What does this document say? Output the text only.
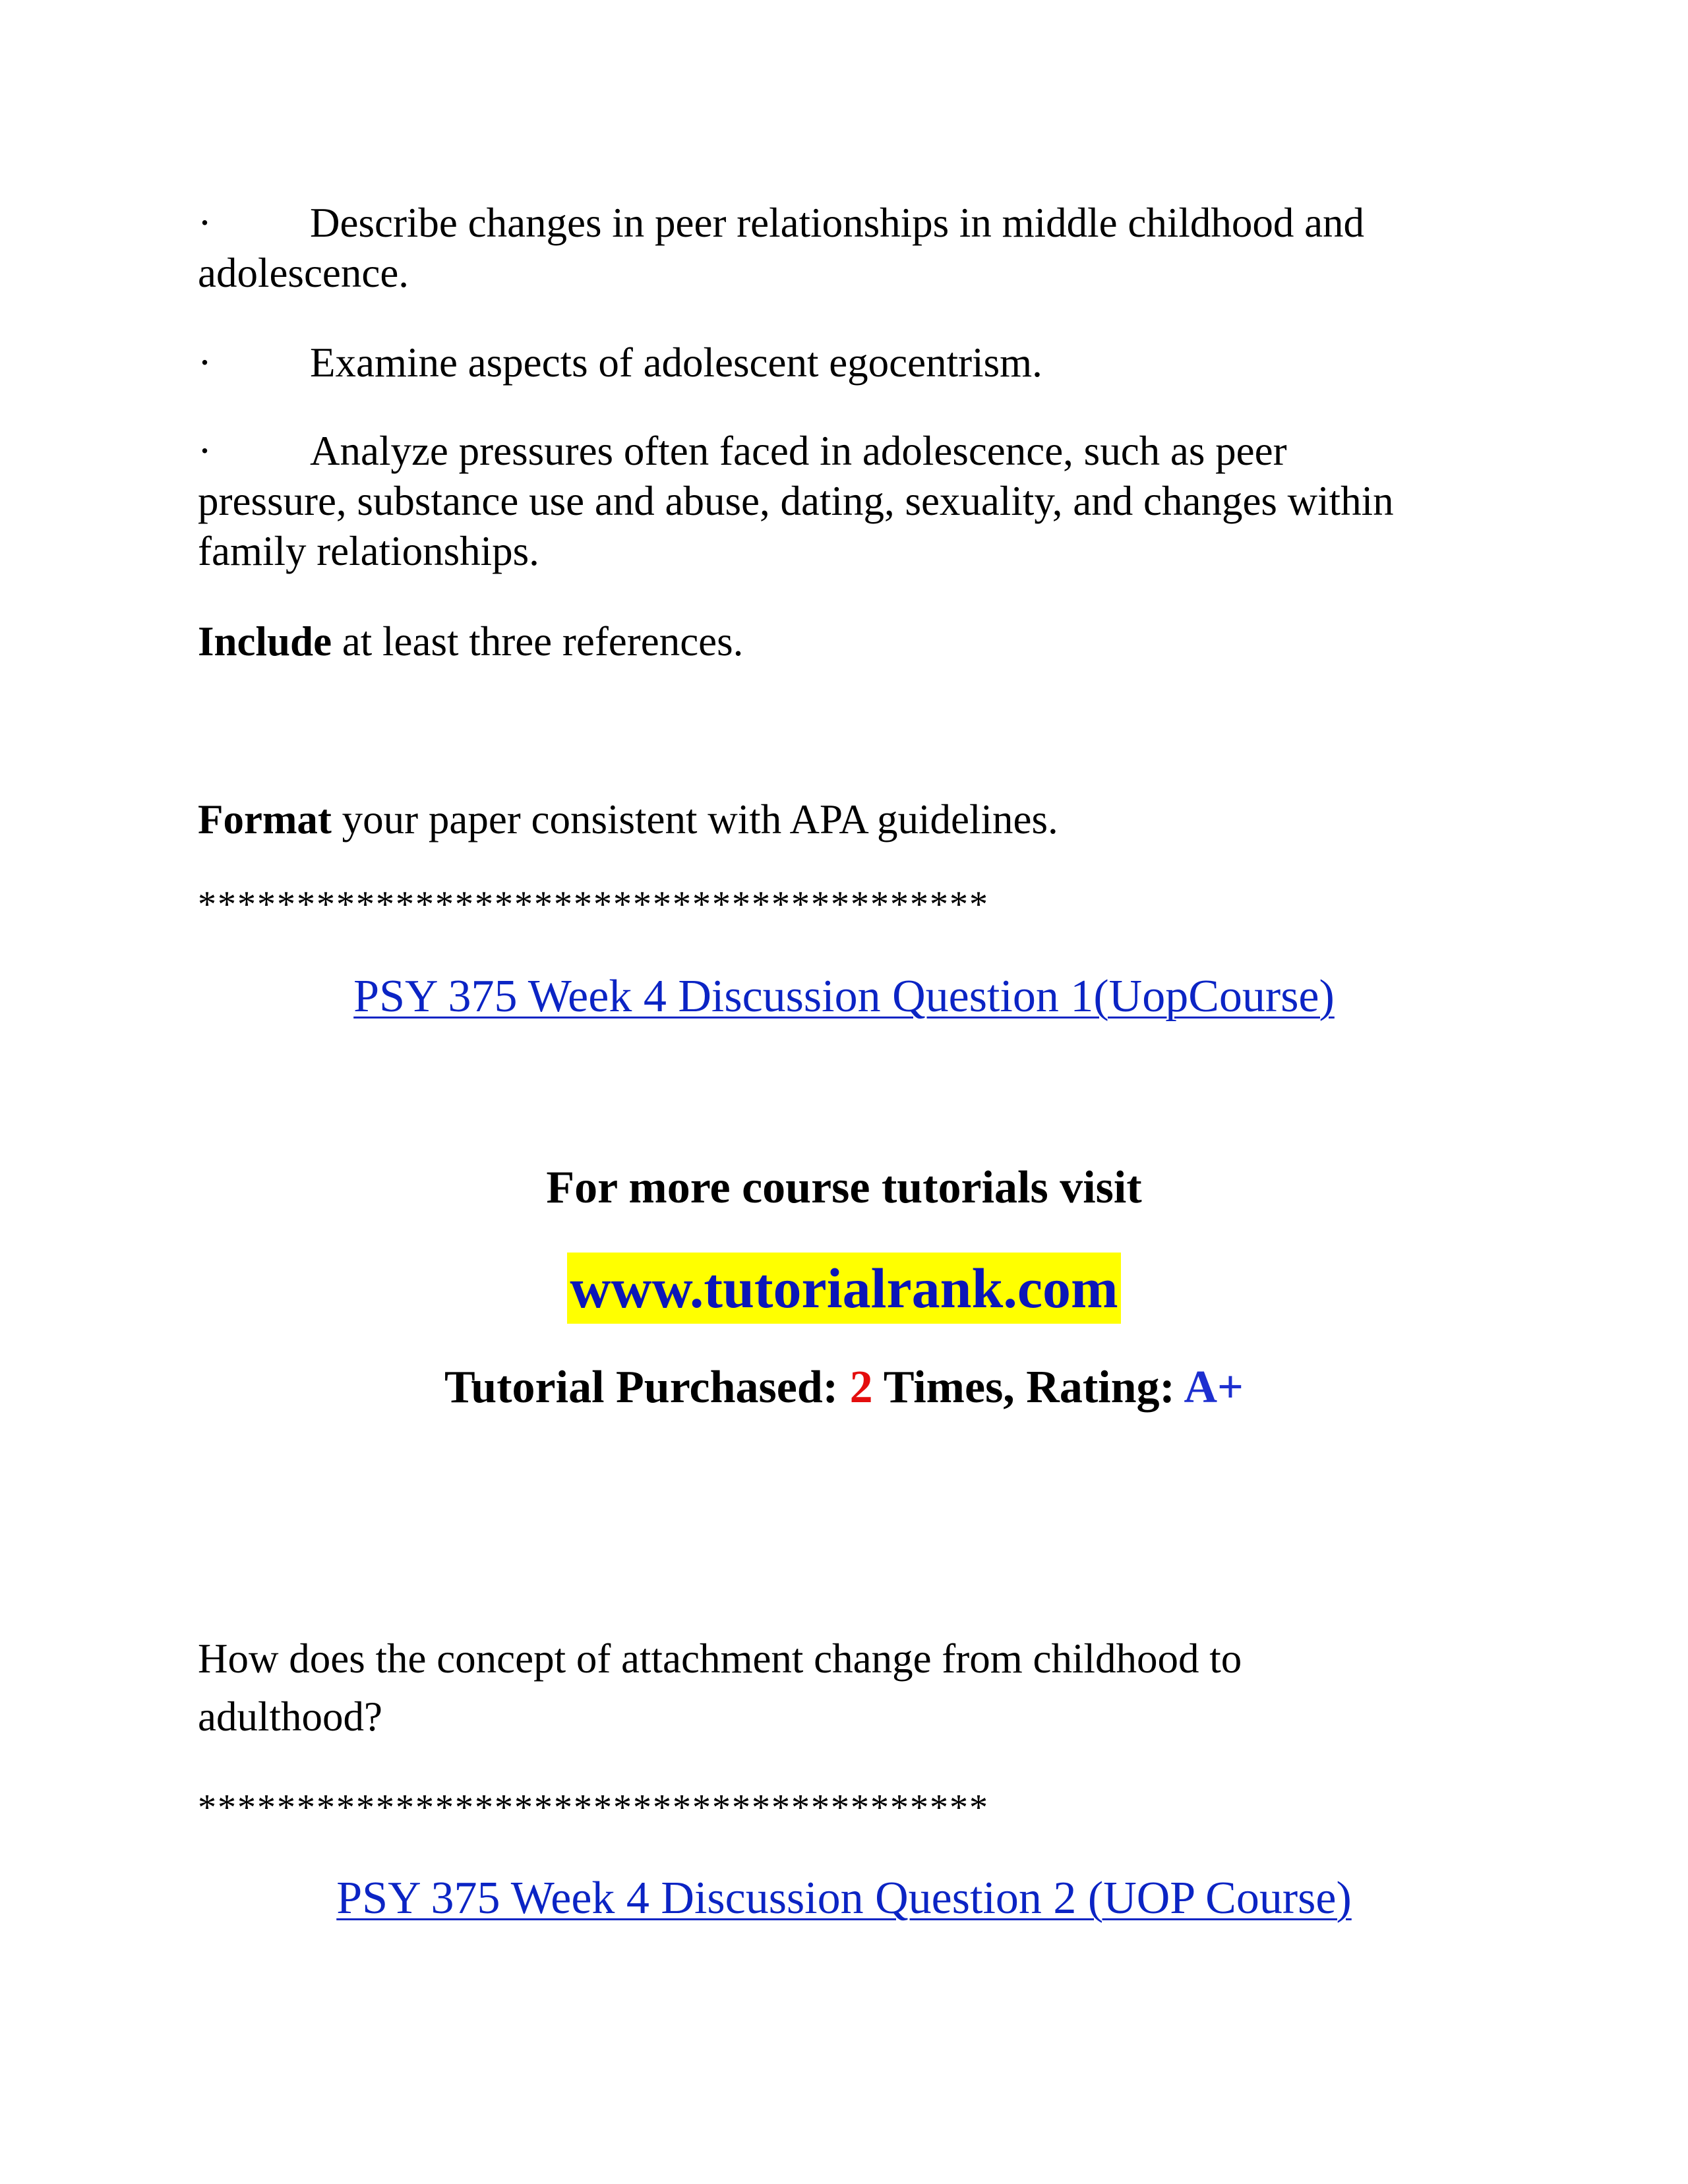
· Describe changes in peer relationships in middle childhood and
adolescence.
· Examine aspects of adolescent egocentrism.
· Analyze pressures often faced in adolescence, such as peer
pressure, substance use and abuse, dating, sexuality, and changes within
family relationships.
Include at least three references.
Format your paper consistent with APA guidelines.
****************************************
PSY 375 Week 4 Discussion Question 1(UopCourse)
For more course tutorials visit
www.tutorialrank.com
Tutorial Purchased: 2 Times, Rating: A+
How does the concept of attachment change from childhood to
adulthood?
****************************************
PSY 375 Week 4 Discussion Question 2 (UOP Course)
